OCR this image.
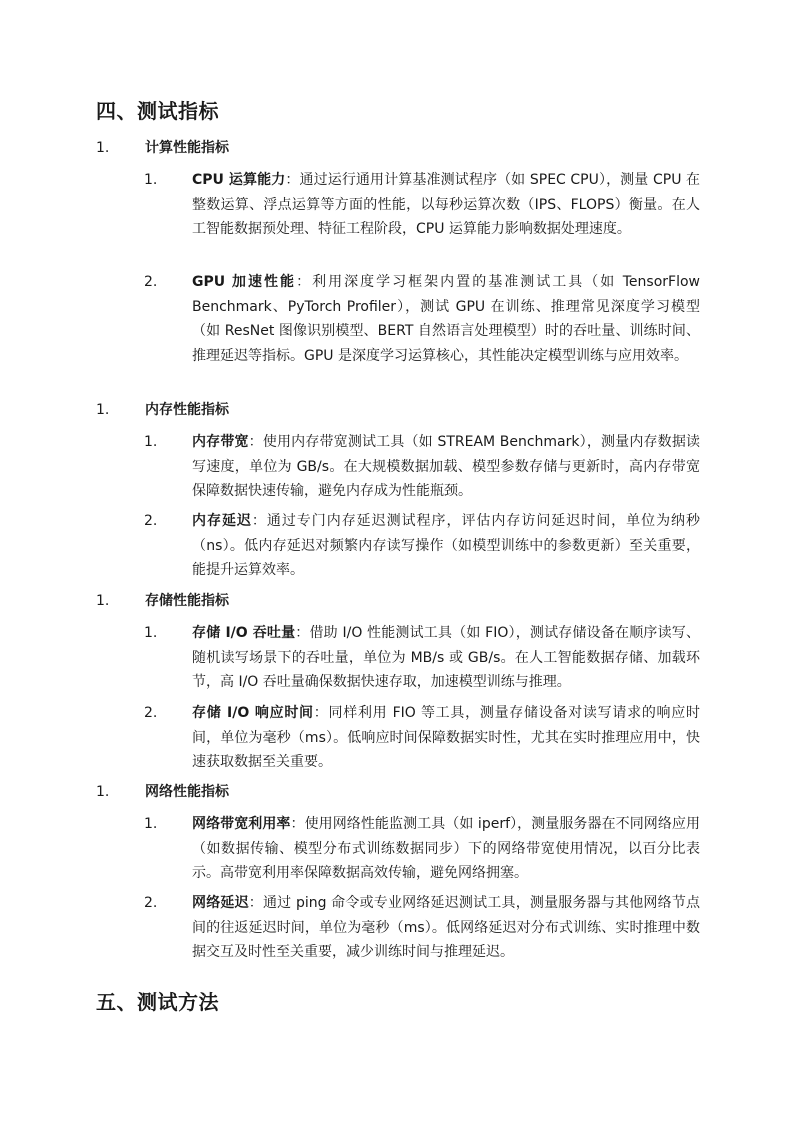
四、测试指标
1.	计算性能指标
1. CPU 运算能力：通过运行通用计算基准测试程序（如 SPEC CPU），测量 CPU 在整数运算、浮点运算等方面的性能，以每秒运算次数（IPS、FLOPS）衡量。在人工智能数据预处理、特征工程阶段，CPU 运算能力影响数据处理速度。
2. GPU 加速性能：利用深度学习框架内置的基准测试工具（如 TensorFlow Benchmark、PyTorch Profiler），测试 GPU 在训练、推理常见深度学习模型（如 ResNet 图像识别模型、BERT 自然语言处理模型）时的吞吐量、训练时间、推理延迟等指标。GPU 是深度学习运算核心，其性能决定模型训练与应用效率。
1.	内存性能指标
1. 内存带宽：使用内存带宽测试工具（如 STREAM Benchmark），测量内存数据读写速度，单位为 GB/s。在大规模数据加载、模型参数存储与更新时，高内存带宽保障数据快速传输，避免内存成为性能瓶颈。
2. 内存延迟：通过专门内存延迟测试程序，评估内存访问延迟时间，单位为纳秒（ns）。低内存延迟对频繁内存读写操作（如模型训练中的参数更新）至关重要，能提升运算效率。
1.	存储性能指标
1. 存储 I/O 吞吐量：借助 I/O 性能测试工具（如 FIO），测试存储设备在顺序读写、随机读写场景下的吞吐量，单位为 MB/s 或 GB/s。在人工智能数据存储、加载环节，高 I/O 吞吐量确保数据快速存取，加速模型训练与推理。
2. 存储 I/O 响应时间：同样利用 FIO 等工具，测量存储设备对读写请求的响应时间，单位为毫秒（ms）。低响应时间保障数据实时性，尤其在实时推理应用中，快速获取数据至关重要。
1.	网络性能指标
1. 网络带宽利用率：使用网络性能监测工具（如 iperf），测量服务器在不同网络应用（如数据传输、模型分布式训练数据同步）下的网络带宽使用情况，以百分比表示。高带宽利用率保障数据高效传输，避免网络拥塞。
2. 网络延迟：通过 ping 命令或专业网络延迟测试工具，测量服务器与其他网络节点间的往返延迟时间，单位为毫秒（ms）。低网络延迟对分布式训练、实时推理中数据交互及时性至关重要，减少训练时间与推理延迟。
五、测试方法
